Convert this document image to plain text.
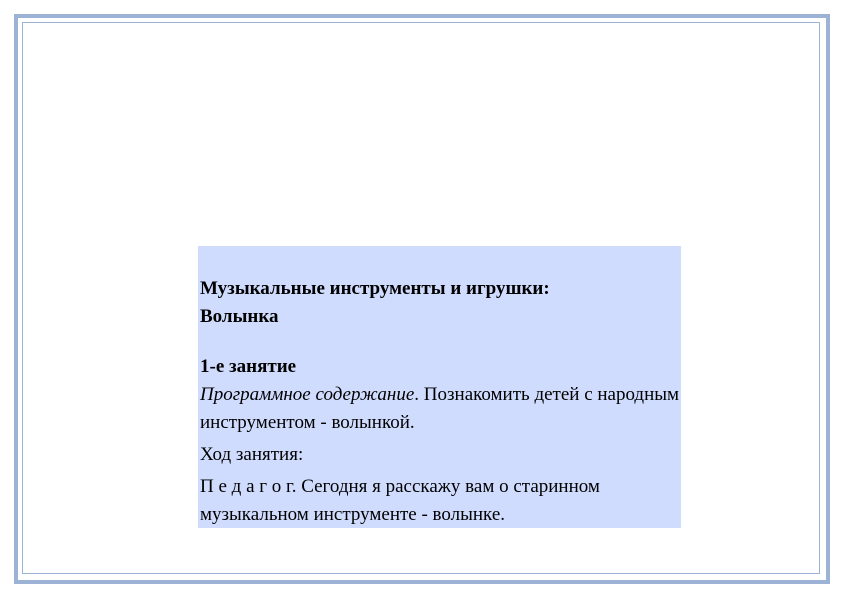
Музыкальные инструменты и игрушки:
Волынка

1-е занятие

Программное содержание. Познакомить детей с народным инструментом - волынкой.

Ход занятия:

П е д а г о г. Сегодня я расскажу вам о старинном музыкальном инструменте - волынке.
